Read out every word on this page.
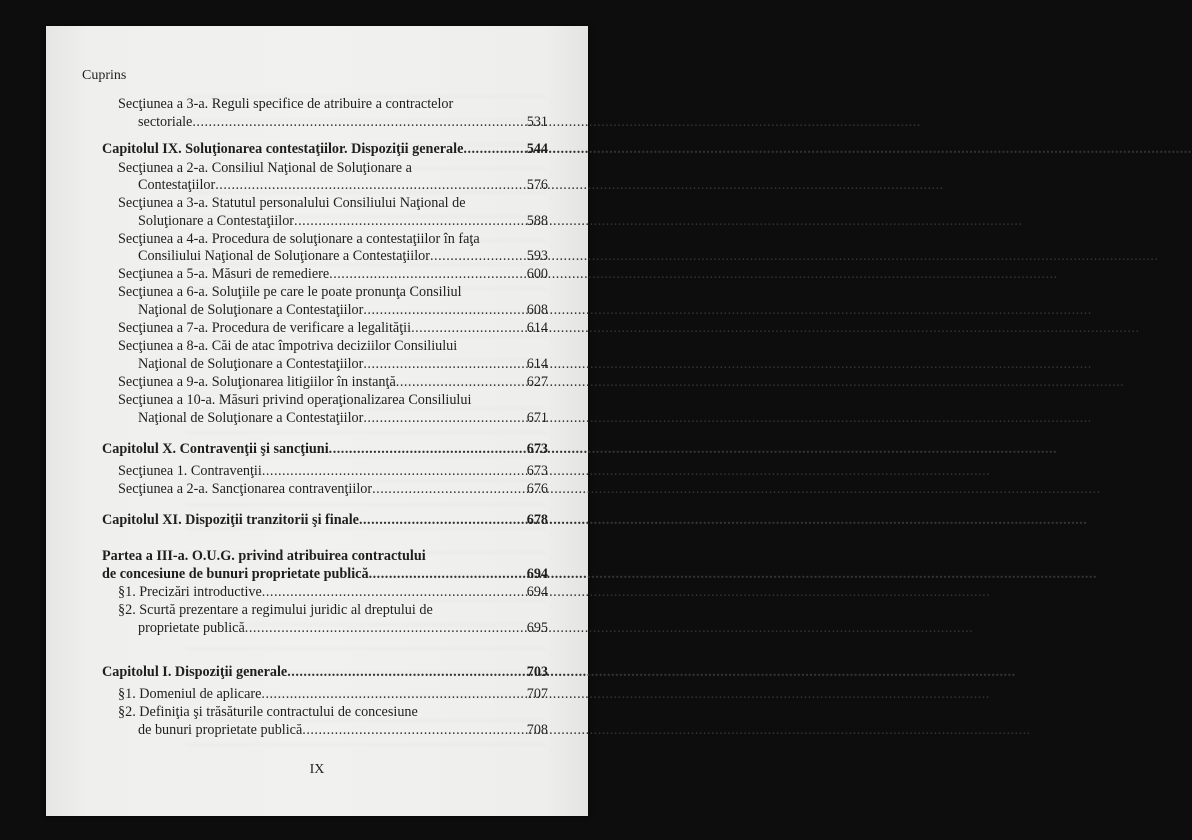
Cuprins
Secţiunea a 3-a. Reguli specifice de atribuire a contractelor
sectoriale .....	531
Capitolul IX. Soluţionarea contestaţiilor. Dispoziţii generale .....	544
Secţiunea a 2-a. Consiliul Naţional de Soluţionare a
Contestaţiilor .....	576
Secţiunea a 3-a. Statutul personalului Consiliului Naţional de
Soluţionare a Contestaţiilor .....	588
Secţiunea a 4-a. Procedura de soluţionare a contestaţiilor în faţa
Consiliului Naţional de Soluţionare a Contestaţiilor .....	593
Secţiunea a 5-a. Măsuri de remediere .....	600
Secţiunea a 6-a. Soluţiile pe care le poate pronunţa Consiliul
Naţional de Soluţionare a Contestaţiilor .....	608
Secţiunea a 7-a. Procedura de verificare a legalităţii .....	614
Secţiunea a 8-a. Căi de atac împotriva deciziilor Consiliului
Naţional de Soluţionare a Contestaţiilor .....	614
Secţiunea a 9-a. Soluţionarea litigiilor în instanţă .....	627
Secţiunea a 10-a. Măsuri privind operaţionalizarea Consiliului
Naţional de Soluţionare a Contestaţiilor .....	671
Capitolul X. Contravenţii şi sancţiuni .....	673
Secţiunea 1. Contravenţii .....	673
Secţiunea a 2-a. Sancţionarea contravenţiilor .....	676
Capitolul XI. Dispoziţii tranzitorii şi finale .....	678
Partea a III-a. O.U.G. privind atribuirea contractului
de concesiune de bunuri proprietate publică .....	694
§1. Precizări introductive .....	694
§2. Scurtă prezentare a regimului juridic al dreptului de
proprietate publică .....	695
Capitolul I. Dispoziţii generale .....	703
§1. Domeniul de aplicare .....	707
§2. Definiţia şi trăsăturile contractului de concesiune
de bunuri proprietate publică .....	708
IX
